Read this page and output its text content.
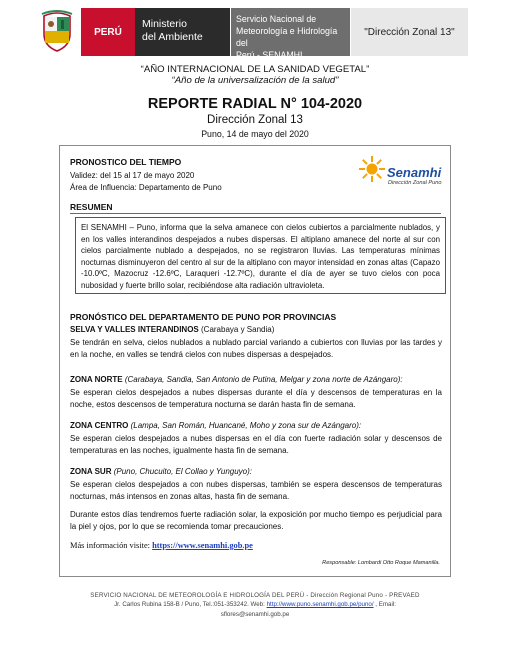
PERÚ
Ministerio
del Ambiente
Servicio Nacional de
Meteorología e Hidrología del
Perú - SENAMHI
"Dirección Zonal 13"
“AÑO INTERNACIONAL DE LA SANIDAD VEGETAL”
“Año de la universalización de la salud”
REPORTE RADIAL N° 104-2020
Dirección Zonal 13
Puno, 14 de mayo del 2020
PRONOSTICO DEL TIEMPO
Validez: del 15 al 17 de mayo 2020
Área de Influencia: Departamento de Puno
Senamhi
Dirección Zonal Puno
RESUMEN
El SENAMHI – Puno, informa que la selva amanece con cielos cubiertos a parcialmente nublados, y en los valles interandinos despejados a nubes dispersas. El altiplano amanece del norte al sur con cielos parcialmente nublado a despejados, no se registraron lluvias. Las temperaturas mínimas nocturnas disminuyeron del centro al sur de la altiplano con mayor intensidad en zonas altas (Capazo -10.0ºC, Mazocruz -12.6ºC, Laraqueri -12.7ºC), durante el día de ayer se tuvo cielos con poca nubosidad y fuerte brillo solar, recibiéndose alta radiación ultravioleta.
PRONÓSTICO DEL DEPARTAMENTO DE PUNO POR PROVINCIAS
SELVA Y VALLES INTERANDINOS (Carabaya y Sandia)
Se tendrán en selva, cielos nublados a nublado parcial variando a cubiertos con lluvias por las tardes y en la noche, en valles se tendrá cielos con nubes dispersas a despejados.
ZONA NORTE (Carabaya, Sandia, San Antonio de Putina, Melgar y zona norte de Azángaro):
Se esperan cielos despejados a nubes dispersas durante el día y descensos de temperaturas en la noche, estos descensos de temperatura nocturna se darán hasta fin de semana.
ZONA CENTRO (Lampa, San Román, Huancané, Moho y zona sur de Azángaro):
Se esperan cielos despejados a nubes dispersas en el día con fuerte radiación solar y descensos de temperaturas en las noches, igualmente hasta fin de semana.
ZONA SUR (Puno, Chucuito, El Collao y Yunguyo):
Se esperan cielos despejados a con nubes dispersas, también se espera descensos de temperaturas nocturnas, más intensos en zonas altas, hasta fin de semana.
Durante estos días tendremos fuerte radiación solar, la exposición por mucho tiempo es perjudicial para la piel y ojos, por lo que se recomienda tomar precauciones.
Más información visite: https://www.senamhi.gob.pe
Responsable: Lombardi Otto Roque Mamanilla.
SERVICIO NACIONAL DE METEOROLOGÍA E HIDROLOGÍA DEL PERÚ - Dirección Regional Puno - PREVAED
Jr. Carlos Rubina 158-B / Puno, Tel.:051-353242. Web: http://www.puno.senamhi.gob.pe/puno/ , Email:
sflores@senamhi.gob.pe
